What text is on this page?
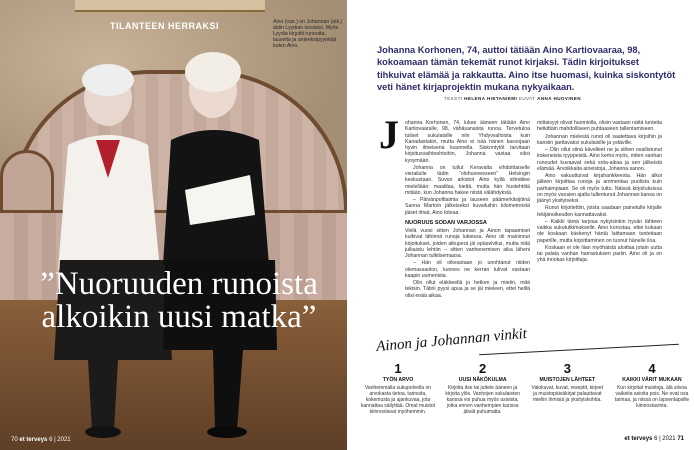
TILANTEEN HERRAKSI	Aino (vas.) on Johannan (oik.) äidin Lyydian isosisko. Myös Lyydia kirjoitti runoutta, lauseita ja anteeksipyyntöjä kuten Aino.
”Nuoruuden runoista alkoikin uusi matka”
70 et terveys 6 | 2021
Johanna Korhonen, 74, auttoi tätiään Aino Kartiovaaraa, 98, kokoamaan tämän tekemät runot kirjaksi. Tädin kirjoitukset tihkuivat elämää ja rakkautta. Aino itse huomasi, kuinka siskontytöt veti hänet kirjaprojektin mukana nykyaikaan.
TEKSTI HELENA HIETANIEMI KUVAT ANNA HUOVINEN

J ohanna Korhonen, 74, lukee ääneen tätiään Aino Kartiovaaralle, 98, vähäsanaista runoa. Tervetuloa tuliset sukulaisille niin Yhdyvvalloista kuin Kanadastakin, mutta Aino ei nää hänen kasvojaan hyvin ilmeisenä kuunnella. Siskontytöt tarvitaan kirjoitusvaihtoehtoihin, Johanna vastaa siksi kysymään.

Johanna on tullut Keravalta vihdoittaiselle vierailulle tädin ”olohuoneeseen” Helsingin keskustaan. Suvun arkistot Aino kyllä silmäilee mielellään: maatilaa, kieltä, mutta hän huolehtiitä mitään, kun Johanna hakee niistä välähdyksiä.

– Päivänpolttaimia ja lauseen päämerkitsijöinä Sanna Martoin jälkeiseksi kuvailuihin kilometreistä jäiset ilmat, Aino toteaa.

NUORUUS SODAN VARJOSSA

Vielä vuosi sitten Johannan ja Ainon tapaamiset kulkivat lähinnä runoja lukiessa. Aino oli maininnut kirjoitukset, joiden alkuperä jäi epäselviksi, mutta niitä julkaistu lehtiin – sitten vanhenemisen aika läheni Johannan tulkitsemassa.

– Hän oli oikeastaan jo unohtanut niiden olemassaolon, kunnes ne kerran tulivat vastaan kaapin uumenista.

Olin ollut eläkkeellä jo hetken ja mietin, mitä tekisin. Tätini pyysi apua ja se jäi mieleen, ettei heillä olisi enää aikaa.

mittaisyyt olivat huomiolla, olisin vastaan näitä tunteita hetkittäin mahdolliseen puhtaaseen tallentamiseen.

Johannan mielestä runot oli saatettava kirjoihin ja kansiin jaettavaksi sukulaisille ja ystäville.

– Olin ollut siinä kävelleet ne ja siihen osallistunut kokeneista tyyppeistä. Aino kertoi myös, miten vanhan runoudet kuvaavat sekä sota-aikaa ja sen jälkeistä elämää. Arvoikkaita aineistoja, Johanna sanoo.

Aino vakuuttuivat kirjahankkeesta. Hän alkoi jälleen kirjoittaa runoja ja ammentaa puolista kuin parhaimpiaan. Se oli myös tuttu. Näissä kirjoituksissa on myös vuosien ajalta tallentunut Johannan kansa on jäänyt yksityiseksi.

Runot kirjoitettiin, joista saadaan painetulle kirjalle tekijänoikeuden kannattavaksi.

– Kaikki tämä tarjoaa nykyisinkin hyvän lähteen vaikka sukututkimukselle. Aino korostaa, ettei kukaan ole koskaan käskenyt häntä laittamaan tunteitaan paperille, mutta kirjoittaminen on tuonut hänelle iloa.

Koskaan ei ole liian myöhäistä aloittaa jotain uutta tai palata vanhan harrastuksen pariin. Aino oli ja on yhä innokas kirjoittaja.

Ainon ja Johannan vinkit
1
TYÖN ARVO
Vanhemmalla sukupolvella on arvokasta tietoa, tarinoita, kokemusta ja ajankuvaa, jota kannattaa säilyttää. Omat muistot kiinnostavat myöhemmin.
2
UUSI NÄKÖKULMA
Kirjoita itse tai juttele ääneen ja kirjoita ylös. Vanhojen sukulaisten kanssa voi puhua myös asioista, jotka ennen vanhempien kanssa jäivät puhumatta.
3
MUISTOJEN LÄHTEET
Valokuvat, kuvat, reseptit, kirjeet ja muistopäiväkirjat palauttavat mieliin ihmisiä ja yksityiskohtia.
4
KAIKKI VÄRIT MUKAAN
Kun kirjoitat muistoja, älä siivoa vaikeita asioita pois. Ne ovat osa tarinaa, ja niissä on lapsenlapsille kiinnostavinta.
et terveys 6 | 2021 71
